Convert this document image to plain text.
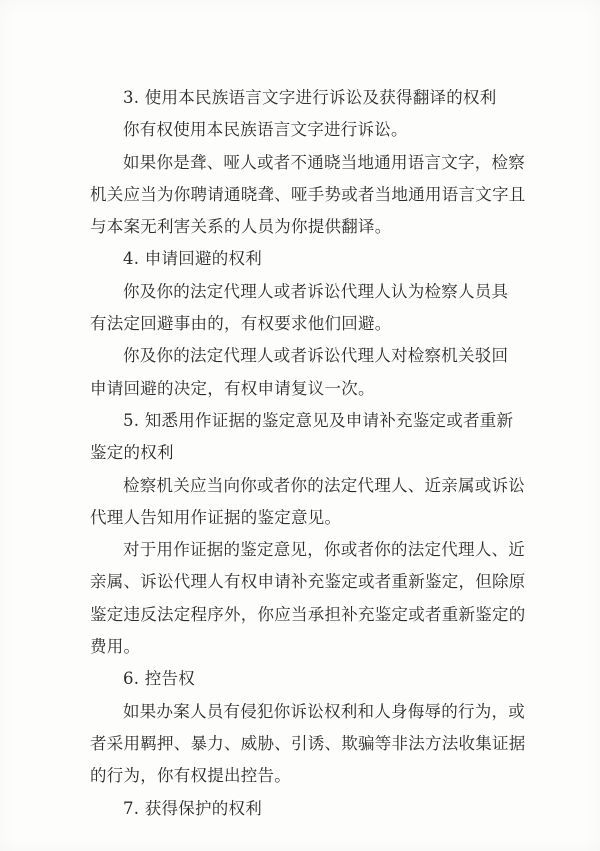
3. 使用本民族语言文字进行诉讼及获得翻译的权利
你有权使用本民族语言文字进行诉讼。
如果你是聋、哑人或者不通晓当地通用语言文字，检察
机关应当为你聘请通晓聋、哑手势或者当地通用语言文字且
与本案无利害关系的人员为你提供翻译。
4. 申请回避的权利
你及你的法定代理人或者诉讼代理人认为检察人员具
有法定回避事由的，有权要求他们回避。
你及你的法定代理人或者诉讼代理人对检察机关驳回
申请回避的决定，有权申请复议一次。
5. 知悉用作证据的鉴定意见及申请补充鉴定或者重新
鉴定的权利
检察机关应当向你或者你的法定代理人、近亲属或诉讼
代理人告知用作证据的鉴定意见。
对于用作证据的鉴定意见，你或者你的法定代理人、近
亲属、诉讼代理人有权申请补充鉴定或者重新鉴定，但除原
鉴定违反法定程序外，你应当承担补充鉴定或者重新鉴定的
费用。
6. 控告权
如果办案人员有侵犯你诉讼权利和人身侮辱的行为，或
者采用羁押、暴力、威胁、引诱、欺骗等非法方法收集证据
的行为，你有权提出控告。
7. 获得保护的权利
